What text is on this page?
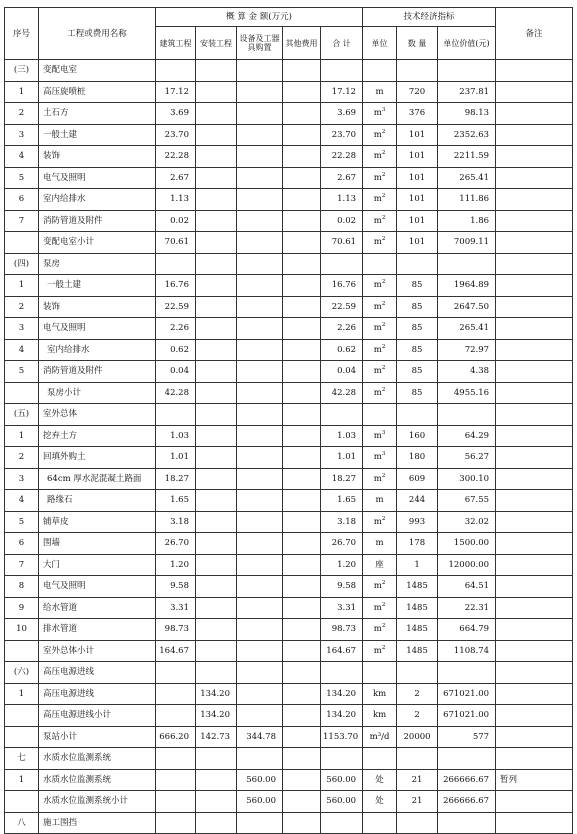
序号	工程或费用名称	概 算 金 额(万元)					技术经济指标			备注
		建筑工程	安装工程	设备及工器具购置	其他费用	合 计	单位	数 量	单位价值(元)	
(三)	变配电室									
1	高压旋喷桩	17.12				17.12	m	720	237.81	
2	土石方	3.69				3.69	$m^3$	376	98.13	
3	一般土建	23.70				23.70	$m^2$	101	2352.63	
4	装饰	22.28				22.28	$m^2$	101	2211.59	
5	电气及照明	2.67				2.67	$m^2$	101	265.41	
6	室内给排水	1.13				1.13	$m^2$	101	111.86	
7	消防管道及附件	0.02				0.02	$m^2$	101	1.86	
	变配电室小计	70.61				70.61	$m^2$	101	7009.11	
(四)	泵房									
1	一般土建	16.76				16.76	$m^2$	85	1964.89	
2	装饰	22.59				22.59	$m^2$	85	2647.50	
3	电气及照明	2.26				2.26	$m^2$	85	265.41	
4	室内给排水	0.62				0.62	$m^2$	85	72.97	
5	消防管道及附件	0.04				0.04	$m^2$	85	4.38	
	泵房小计	42.28				42.28	$m^2$	85	4955.16	
(五)	室外总体									
1	挖弃土方	1.03				1.03	$m^3$	160	64.29	
2	回填外购土	1.01				1.01	$m^3$	180	56.27	
3	64cm 厚水泥混凝土路面	18.27				18.27	$m^2$	609	300.10	
4	路缘石	1.65				1.65	m	244	67.55	
5	铺草皮	3.18				3.18	$m^2$	993	32.02	
6	围墙	26.70				26.70	m	178	1500.00	
7	大门	1.20				1.20	座	1	12000.00	
8	电气及照明	9.58				9.58	$m^2$	1485	64.51	
9	给水管道	3.31				3.31	$m^2$	1485	22.31	
10	排水管道	98.73				98.73	$m^2$	1485	664.79	
	室外总体小计	164.67				164.67	$m^2$	1485	1108.74	
(六)	高压电源进线									
1	高压电源进线		134.20			134.20	km	2	671021.00	
	高压电源进线小计		134.20			134.20	km	2	671021.00	
	泵站小计	666.20	142.73	344.78		1153.70	m³/d	20000	577	
七	水质水位监测系统									
1	水质水位监测系统			560.00		560.00	处	21	266666.67	暂列
	水质水位监测系统小计			560.00		560.00	处	21	266666.67	
八	施工围挡									
